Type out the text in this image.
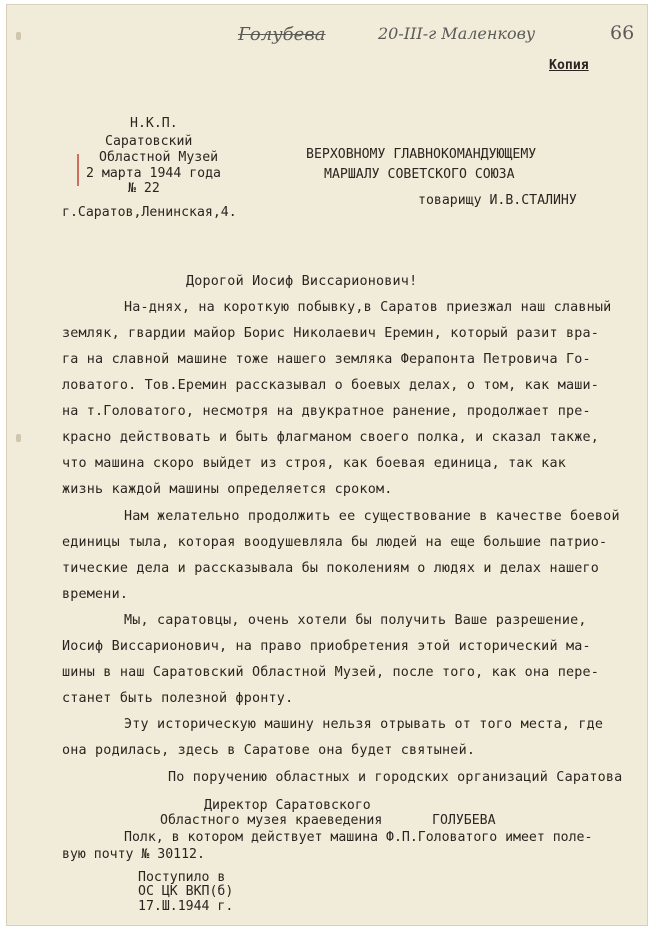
Голубева	20-III-г Маленкову	66
Копия
Н.К.П.
Саратовский
Областной Музей
2 марта 1944 года
№ 22
г.Саратов,Ленинская,4.
ВЕРХОВНОМУ ГЛАВНОКОМАНДУЮЩЕМУ
МАРШАЛУ СОВЕТСКОГО СОЮЗА
товарищу И.В.СТАЛИНУ
Дорогой Иосиф Виссарионович!
На-днях, на короткую побывку,в Саратов приезжал наш славный
земляк, гвардии майор Борис Николаевич Еремин, который разит вра-
га на славной машине тоже нашего земляка Ферапонта Петровича Го-
ловатого. Тов.Еремин рассказывал о боевых делах, о том, как маши-
на т.Головатого, несмотря на двукратное ранение, продолжает пре-
красно действовать и быть флагманом своего полка, и сказал также,
что машина скоро выйдет из строя, как боевая единица, так как
жизнь каждой машины определяется сроком.
Нам желательно продолжить ее существование в качестве боевой
единицы тыла, которая воодушевляла бы людей на еще большие патрио-
тические дела и рассказывала бы поколениям о людях и делах нашего
времени.
Мы, саратовцы, очень хотели бы получить Ваше разрешение,
Иосиф Виссарионович, на право приобретения этой исторический ма-
шины в наш Саратовский Областной Музей, после того, как она пере-
станет быть полезной фронту.
Эту историческую машину нельзя отрывать от того места, где
она родилась, здесь в Саратове она будет святыней.
По поручению областных и городских организаций Саратова
Директор Саратовского
Областного музея краеведения	ГОЛУБЕВА
Полк, в котором действует машина Ф.П.Головатого имеет поле-
вую почту № 30112.
Поступило в
ОС ЦК ВКП(б)
17.Ш.1944 г.
